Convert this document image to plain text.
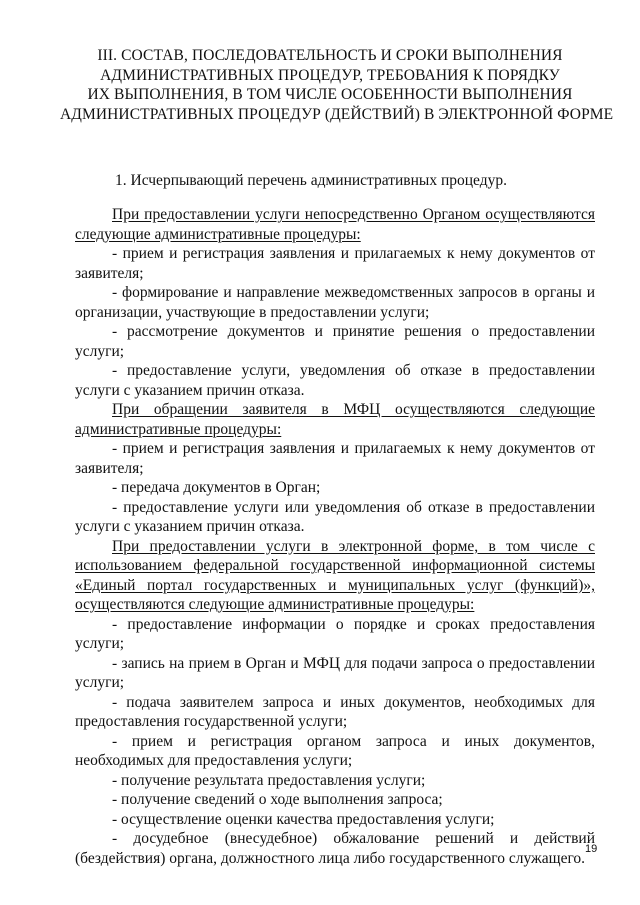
III. СОСТАВ, ПОСЛЕДОВАТЕЛЬНОСТЬ И СРОКИ ВЫПОЛНЕНИЯ
АДМИНИСТРАТИВНЫХ ПРОЦЕДУР, ТРЕБОВАНИЯ К ПОРЯДКУ
ИХ ВЫПОЛНЕНИЯ, В ТОМ ЧИСЛЕ ОСОБЕННОСТИ ВЫПОЛНЕНИЯ
АДМИНИСТРАТИВНЫХ ПРОЦЕДУР (ДЕЙСТВИЙ) В ЭЛЕКТРОННОЙ ФОРМЕ
1. Исчерпывающий перечень административных процедур.

При предоставлении услуги непосредственно Органом осуществляются следующие административные процедуры:

- прием и регистрация заявления и прилагаемых к нему документов от заявителя;

- формирование и направление межведомственных запросов в органы и организации, участвующие в предоставлении услуги;

- рассмотрение документов и принятие решения о предоставлении услуги;

- предоставление услуги, уведомления об отказе в предоставлении услуги с указанием причин отказа.

При обращении заявителя в МФЦ осуществляются следующие административные процедуры:

- прием и регистрация заявления и прилагаемых к нему документов от заявителя;

- передача документов в Орган;

- предоставление услуги или уведомления об отказе в предоставлении услуги с указанием причин отказа.

При предоставлении услуги в электронной форме, в том числе с использованием федеральной государственной информационной системы «Единый портал государственных и муниципальных услуг (функций)», осуществляются следующие административные процедуры:

- предоставление информации о порядке и сроках предоставления услуги;

- запись на прием в Орган и МФЦ для подачи запроса о предоставлении услуги;

- подача заявителем запроса и иных документов, необходимых для предоставления государственной услуги;

- прием и регистрация органом запроса и иных документов, необходимых для предоставления услуги;

- получение результата предоставления услуги;

- получение сведений о ходе выполнения запроса;

- осуществление оценки качества предоставления услуги;

- досудебное (внесудебное) обжалование решений и действий (бездействия) органа, должностного лица либо государственного служащего.

19
